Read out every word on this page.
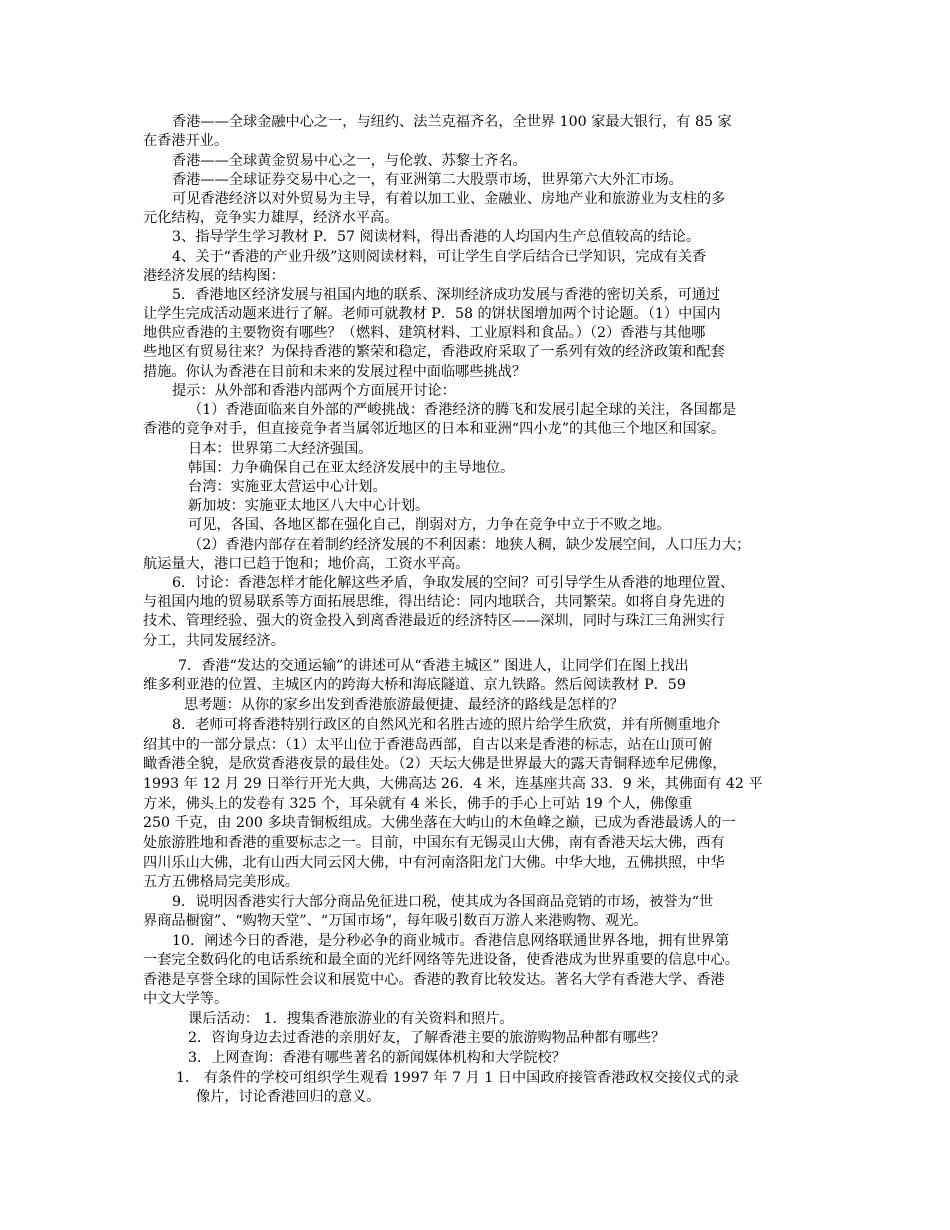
香港——全球金融中心之一，与纽约、法兰克福齐名，全世界 100 家最大银行，有 85 家
在香港开业。
香港——全球黄金贸易中心之一，与伦敦、苏黎士齐名。
香港——全球证券交易中心之一，有亚洲第二大股票市场，世界第六大外汇市场。
可见香港经济以对外贸易为主导，有着以加工业、金融业、房地产业和旅游业为支柱的多
元化结构，竞争实力雄厚，经济水平高。
3、指导学生学习教材 P．57 阅读材料，得出香港的人均国内生产总值较高的结论。
4、关于“香港的产业升级”这则阅读材料，可让学生自学后结合已学知识，完成有关香
港经济发展的结构图：
5．香港地区经济发展与祖国内地的联系、深圳经济成功发展与香港的密切关系，可通过
让学生完成活动题来进行了解。老师可就教材 P．58 的饼状图增加两个讨论题。（1）中国内
地供应香港的主要物资有哪些？（燃料、建筑材料、工业原料和食品。）（2）香港与其他哪
些地区有贸易往来？为保持香港的繁荣和稳定，香港政府采取了一系列有效的经济政策和配套
措施。你认为香港在目前和未来的发展过程中面临哪些挑战？
提示：从外部和香港内部两个方面展开讨论：
（1）香港面临来自外部的严峻挑战：香港经济的腾飞和发展引起全球的关注，各国都是
香港的竞争对手，但直接竞争者当属邻近地区的日本和亚洲“四小龙”的其他三个地区和国家。
日本：世界第二大经济强国。
韩国：力争确保自己在亚太经济发展中的主导地位。
台湾：实施亚太营运中心计划。
新加坡：实施亚太地区八大中心计划。
可见，各国、各地区都在强化自己，削弱对方，力争在竞争中立于不败之地。
（2）香港内部存在着制约经济发展的不利因素：地狭人稠，缺少发展空间，人口压力大；
航运量大，港口已趋于饱和；地价高，工资水平高。
6．讨论：香港怎样才能化解这些矛盾，争取发展的空间？可引导学生从香港的地理位置、
与祖国内地的贸易联系等方面拓展思维，得出结论：同内地联合，共同繁荣。如将自身先进的
技术、管理经验、强大的资金投入到离香港最近的经济特区——深圳，同时与珠江三角洲实行
分工，共同发展经济。
7．香港“发达的交通运输”的讲述可从“香港主城区” 图进人，让同学们在图上找出
维多利亚港的位置、主城区内的跨海大桥和海底隧道、京九铁路。然后阅读教材 P．59
思考题：从你的家乡出发到香港旅游最便捷、最经济的路线是怎样的？
8．老师可将香港特别行政区的自然风光和名胜古迹的照片给学生欣赏，并有所侧重地介
绍其中的一部分景点：（1）太平山位于香港岛西部，自古以来是香港的标志，站在山顶可俯
瞰香港全貌，是欣赏香港夜景的最佳处。（2）天坛大佛是世界最大的露天青铜释迹牟尼佛像，
1993 年 12 月 29 日举行开光大典，大佛高达 26．4 米，连基座共高 33．9 米，其佛面有 42 平
方米，佛头上的发卷有 325 个，耳朵就有 4 米长，佛手的手心上可站 19 个人，佛像重
250 千克，由 200 多块青铜板组成。大佛坐落在大屿山的木鱼峰之巅，已成为香港最诱人的一
处旅游胜地和香港的重要标志之一。目前，中国东有无锡灵山大佛，南有香港天坛大佛，西有
四川乐山大佛，北有山西大同云冈大佛，中有河南洛阳龙门大佛。中华大地，五佛拱照，中华
五方五佛格局完美形成。
9．说明因香港实行大部分商品免征进口税，使其成为各国商品竞销的市场，被誉为“世
界商品橱窗”、“购物天堂”、“万国市场”，每年吸引数百万游人来港购物、观光。
10．阐述今日的香港，是分秒必争的商业城市。香港信息网络联通世界各地，拥有世界第
一套完全数码化的电话系统和最全面的光纤网络等先进设备，使香港成为世界重要的信息中心。
香港是享誉全球的国际性会议和展览中心。香港的教育比较发达。著名大学有香港大学、香港
中文大学等。
课后活动： 1．搜集香港旅游业的有关资料和照片。
2．咨询身边去过香港的亲朋好友，了解香港主要的旅游购物品种都有哪些？
3．上网查询：香港有哪些著名的新闻媒体机构和大学院校？
1． 有条件的学校可组织学生观看 1997 年 7 月 1 日中国政府接管香港政权交接仪式的录
像片，讨论香港回归的意义。
